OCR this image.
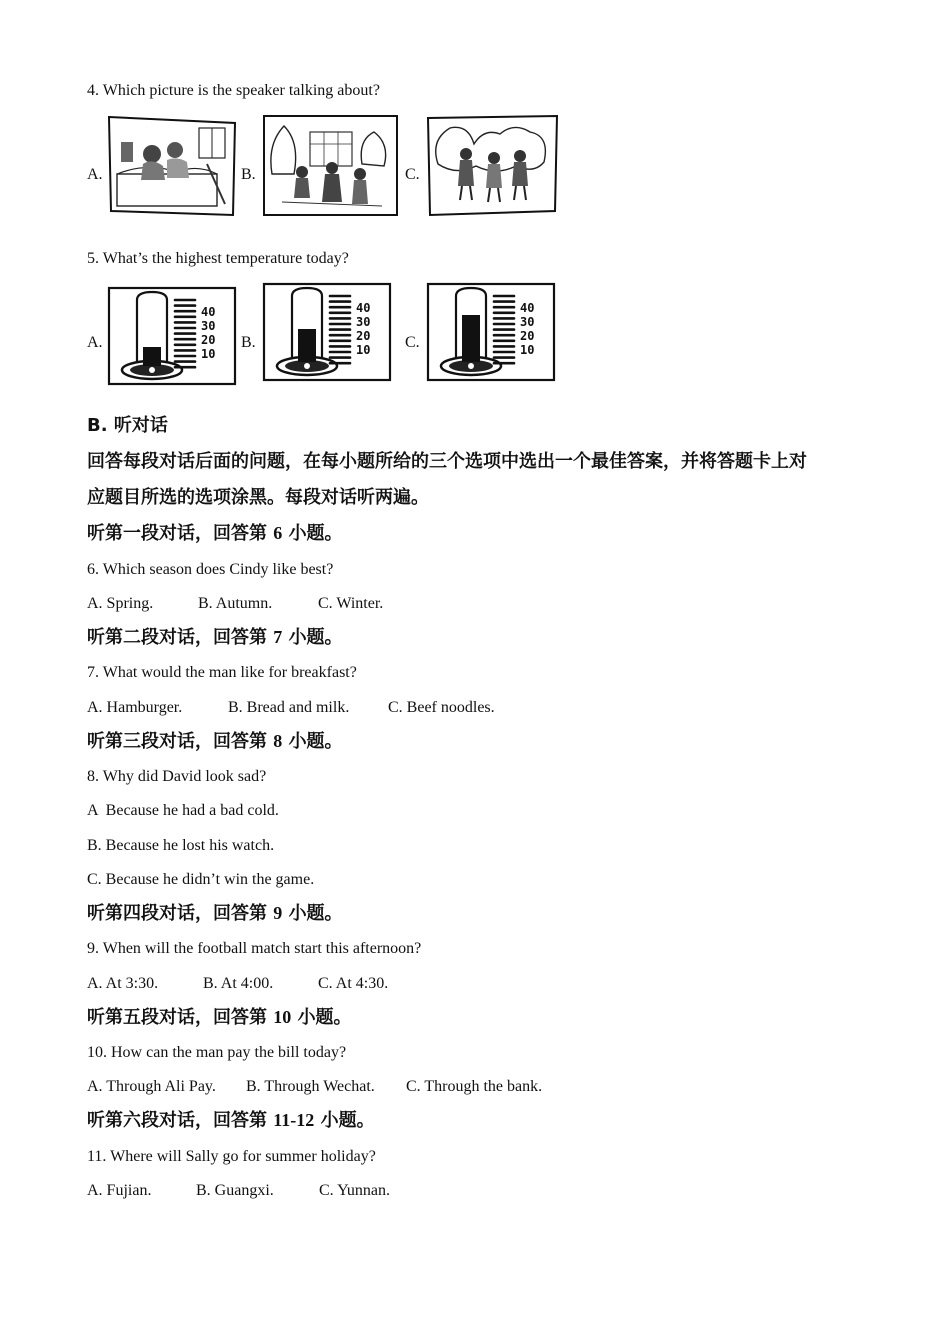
4. Which picture is the speaker talking about?
A.	B.	C.
5. What’s the highest temperature today?
A.
40
30
20
10
B.
40
30
20
10 C.
40
30
20
10
B. 听对话
回答每段对话后面的问题，在每小题所给的三个选项中选出一个最佳答案，并将答题卡上对
应题目所选的选项涂黑。每段对话听两遍。
听第一段对话，回答第 6 小题。
6. Which season does Cindy like best?
A. Spring.	B. Autumn.	C. Winter.
听第二段对话，回答第 7 小题。
7. What would the man like for breakfast?
A. Hamburger.	B. Bread and milk. C. Beef noodles.
听第三段对话，回答第 8 小题。
8. Why did David look sad?
A  Because he had a bad cold.
B. Because he lost his watch.
C. Because he didn’t win the game.
听第四段对话，回答第 9 小题。
9. When will the football match start this afternoon?
A. At 3:30.	B. At 4:00.	C. At 4:30.
听第五段对话，回答第 10 小题。
10. How can the man pay the bill today?
A. Through Ali Pay. B. Through Wechat. C. Through the bank.
听第六段对话，回答第 11-12 小题。
11. Where will Sally go for summer holiday?
A. Fujian.	B. Guangxi.	C. Yunnan.
